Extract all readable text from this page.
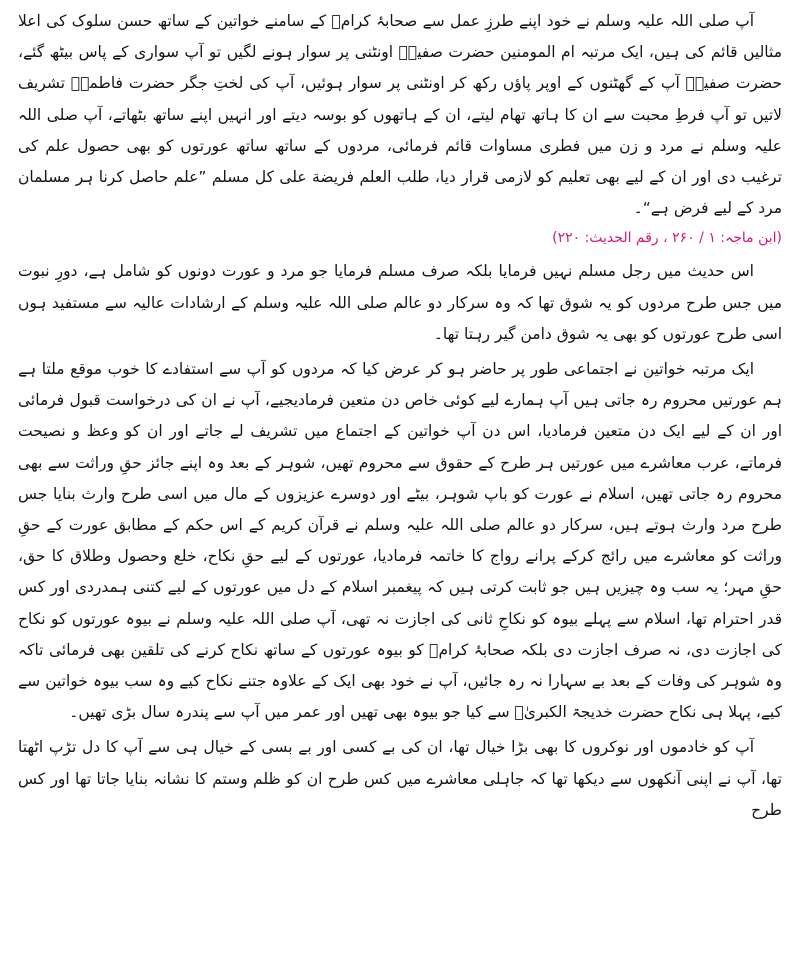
آپ صلی اللہ علیہ وسلم نے خود اپنے طرزِ عمل سے صحابۂ کرامؓ کے سامنے خواتین کے ساتھ حسن سلوک کی اعلا مثالیں قائم کی ہیں، ایک مرتبہ ام المومنین حضرت صفیہؓ اونٹنی پر سوار ہونے لگیں تو آپ سواری کے پاس بیٹھ گئے، حضرت صفیہؓ آپ کے گھٹنوں کے اوپر پاؤں رکھ کر اونٹنی پر سوار ہوئیں، آپ کی لختِ جگر حضرت فاطمہؓ تشریف لاتیں تو آپ فرطِ محبت سے ان کا ہاتھ تھام لیتے، ان کے ہاتھوں کو بوسہ دیتے اور انہیں اپنے ساتھ بٹھاتے، آپ صلی اللہ علیہ وسلم نے مرد و زن میں فطری مساوات قائم فرمائی، مردوں کے ساتھ ساتھ عورتوں کو بھی حصول علم کی ترغیب دی اور ان کے لیے بھی تعلیم کو لازمی قرار دیا، طلب العلم فریضة علی کل مسلم ”علم حاصل کرنا ہر مسلمان مرد کے لیے فرض ہے“۔

(ابن ماجہ: ۱ / ۲۶۰ ، رقم الحدیث: ۲۲۰)

اس حدیث میں رجل مسلم نہیں فرمایا بلکہ صرف مسلم فرمایا جو مرد و عورت دونوں کو شامل ہے، دورِ نبوت میں جس طرح مردوں کو یہ شوق تھا کہ وہ سرکار دو عالم صلی اللہ علیہ وسلم کے ارشادات عالیہ سے مستفید ہوں اسی طرح عورتوں کو بھی یہ شوق دامن گیر رہتا تھا۔

ایک مرتبہ خواتین نے اجتماعی طور پر حاضر ہو کر عرض کیا کہ مردوں کو آپ سے استفادے کا خوب موقع ملتا ہے ہم عورتیں محروم رہ جاتی ہیں آپ ہمارے لیے کوئی خاص دن متعین فرمادیجیے، آپ نے ان کی درخواست قبول فرمائی اور ان کے لیے ایک دن متعین فرمادیا، اس دن آپ خواتین کے اجتماع میں تشریف لے جاتے اور ان کو وعظ و نصیحت فرماتے، عرب معاشرے میں عورتیں ہر طرح کے حقوق سے محروم تھیں، شوہر کے بعد وہ اپنے جائز حقِ وراثت سے بھی محروم رہ جاتی تھیں، اسلام نے عورت کو باپ شوہر، بیٹے اور دوسرے عزیزوں کے مال میں اسی طرح وارث بنایا جس طرح مرد وارث ہوتے ہیں، سرکار دو عالم صلی اللہ علیہ وسلم نے قرآن کریم کے اس حکم کے مطابق عورت کے حقِ وراثت کو معاشرے میں رائج کرکے پرانے رواج کا خاتمہ فرمادیا، عورتوں کے لیے حقِ نکاح، خلع وحصول وطلاق کا حق، حقِ مہر؛ یہ سب وہ چیزیں ہیں جو ثابت کرتی ہیں کہ پیغمبر اسلام کے دل میں عورتوں کے لیے کتنی ہمدردی اور کس قدر احترام تھا، اسلام سے پہلے بیوہ کو نکاحِ ثانی کی اجازت نہ تھی، آپ صلی اللہ علیہ وسلم نے بیوہ عورتوں کو نکاح کی اجازت دی، نہ صرف اجازت دی بلکہ صحابۂ کرامؓ کو بیوہ عورتوں کے ساتھ نکاح کرنے کی تلقین بھی فرمائی تاکہ وہ شوہر کی وفات کے بعد بے سہارا نہ رہ جائیں، آپ نے خود بھی ایک کے علاوہ جتنے نکاح کیے وہ سب بیوہ خواتین سے کیے، پہلا ہی نکاح حضرت خدیجۃ الکبریٰؓ سے کیا جو بیوہ بھی تھیں اور عمر میں آپ سے پندرہ سال بڑی تھیں۔

آپ کو خادموں اور نوکروں کا بھی بڑا خیال تھا، ان کی بے کسی اور بے بسی کے خیال ہی سے آپ کا دل تڑپ اٹھتا تھا، آپ نے اپنی آنکھوں سے دیکھا تھا کہ جاہلی معاشرے میں کس طرح ان کو ظلم وستم کا نشانہ بنایا جاتا تھا اور کس طرح
